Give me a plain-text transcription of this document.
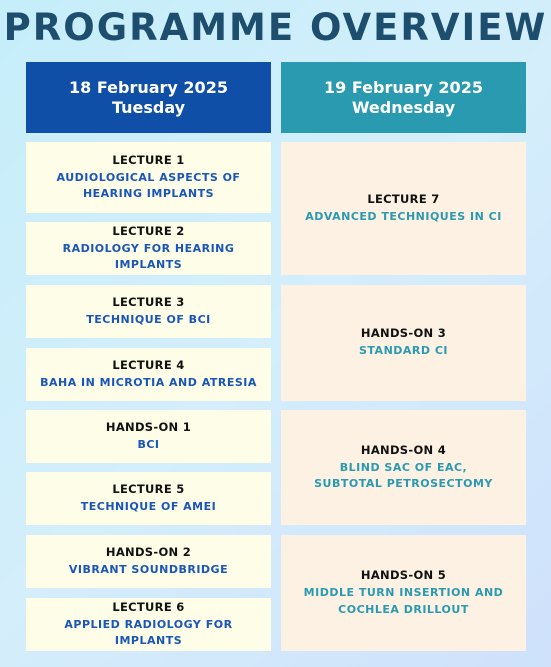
PROGRAMME OVERVIEW
18 February 2025
Tuesday
19 February 2025
Wednesday
LECTURE 1
AUDIOLOGICAL ASPECTS OF HEARING IMPLANTS
LECTURE 2
RADIOLOGY FOR HEARING IMPLANTS
LECTURE 3
TECHNIQUE OF BCI
LECTURE 4
BAHA IN MICROTIA AND ATRESIA
HANDS-ON 1
BCI
LECTURE 5
TECHNIQUE OF AMEI
HANDS-ON 2
VIBRANT SOUNDBRIDGE
LECTURE 6
APPLIED RADIOLOGY FOR IMPLANTS
LECTURE 7
ADVANCED TECHNIQUES IN CI
HANDS-ON 3
STANDARD CI
HANDS-ON 4
BLIND SAC OF EAC, SUBTOTAL PETROSECTOMY
HANDS-ON 5
MIDDLE TURN INSERTION AND COCHLEA DRILLOUT
